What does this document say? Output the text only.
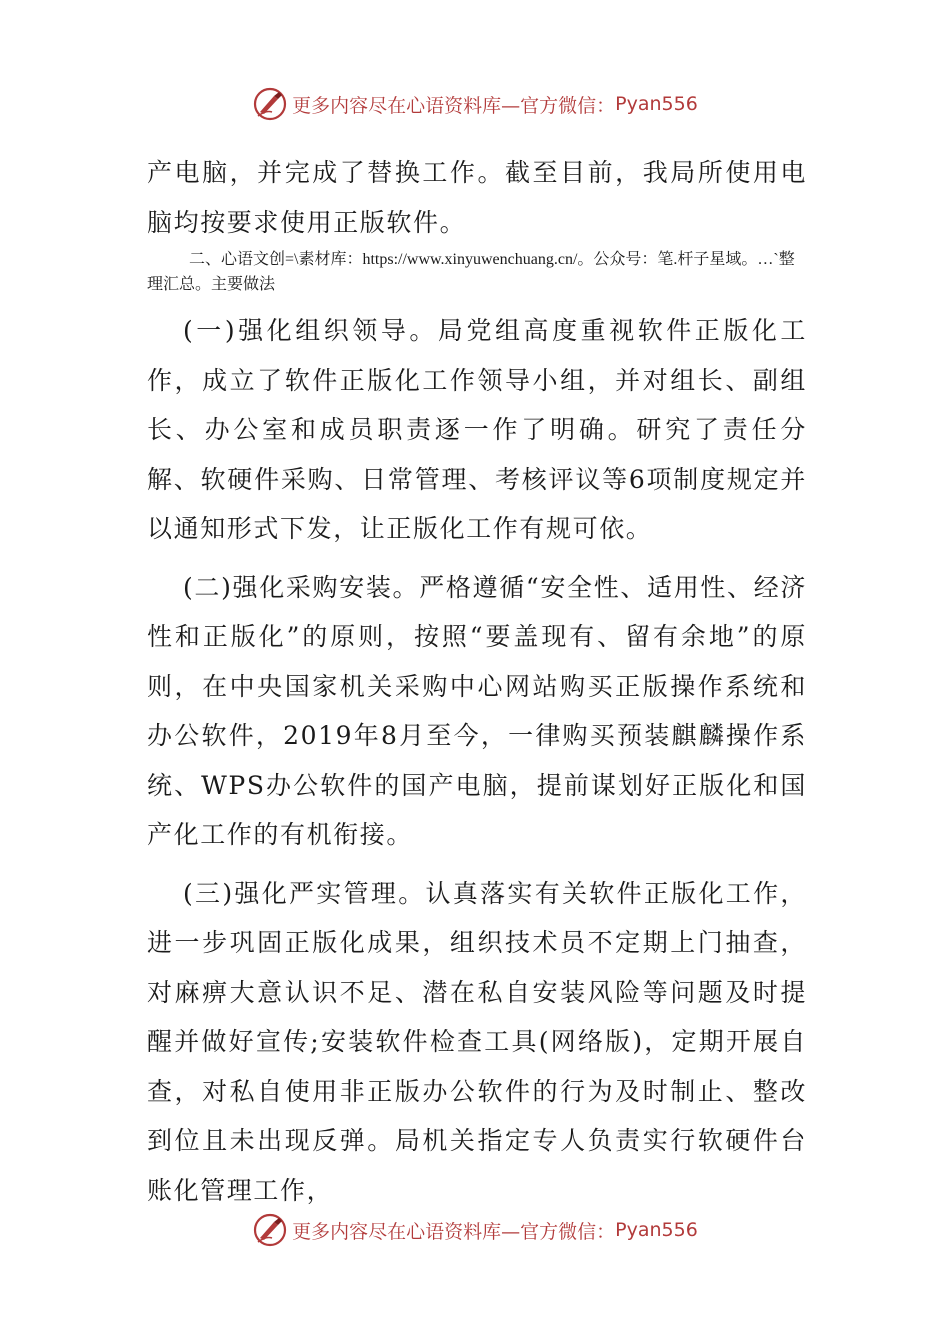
更多内容尽在心语资料库—官方微信： Pyan556

产电脑，并完成了替换工作。截至目前，我局所使用电脑均按要求使用正版软件。

二、心语文创=\素材库：https://www.xinyuwenchuang.cn/。公众号：笔.杆子星域。…`整理汇总。主要做法

(一)强化组织领导。局党组高度重视软件正版化工作，成立了软件正版化工作领导小组，并对组长、副组长、办公室和成员职责逐一作了明确。研究了责任分解、软硬件采购、日常管理、考核评议等6项制度规定并以通知形式下发，让正版化工作有规可依。

(二)强化采购安装。严格遵循“安全性、适用性、经济性和正版化”的原则，按照“要盖现有、留有余地”的原则，在中央国家机关采购中心网站购买正版操作系统和办公软件，2019年8月至今，一律购买预装麒麟操作系统、WPS办公软件的国产电脑，提前谋划好正版化和国产化工作的有机衔接。

(三)强化严实管理。认真落实有关软件正版化工作，进一步巩固正版化成果，组织技术员不定期上门抽查，对麻痹大意认识不足、潜在私自安装风险等问题及时提醒并做好宣传;安装软件检查工具(网络版)，定期开展自查，对私自使用非正版办公软件的行为及时制止、整改到位且未出现反弹。局机关指定专人负责实行软硬件台账化管理工作，

更多内容尽在心语资料库—官方微信： Pyan556
